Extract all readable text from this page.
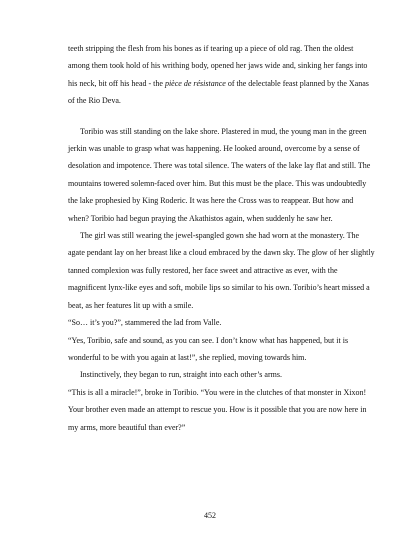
teeth stripping the flesh from his bones as if tearing up a piece of old rag. Then the oldest among them took hold of his writhing body, opened her jaws wide and, sinking her fangs into his neck, bit off his head - the pièce de résistance of the delectable feast planned by the Xanas of the Rio Deva.

Toribio was still standing on the lake shore. Plastered in mud, the young man in the green jerkin was unable to grasp what was happening. He looked around, overcome by a sense of desolation and impotence. There was total silence. The waters of the lake lay flat and still. The mountains towered solemn-faced over him. But this must be the place. This was undoubtedly the lake prophesied by King Roderic. It was here the Cross was to reappear. But how and when? Toribio had begun praying the Akathistos again, when suddenly he saw her.

The girl was still wearing the jewel-spangled gown she had worn at the monastery. The agate pendant lay on her breast like a cloud embraced by the dawn sky. The glow of her slightly tanned complexion was fully restored, her face sweet and attractive as ever, with the magnificent lynx-like eyes and soft, mobile lips so similar to his own. Toribio’s heart missed a beat, as her features lit up with a smile.

“So… it’s you?”, stammered the lad from Valle.

“Yes, Toribio, safe and sound, as you can see. I don’t know what has happened, but it is wonderful to be with you again at last!”, she replied, moving towards him.

Instinctively, they began to run, straight into each other’s arms.

“This is all a miracle!”, broke in Toribio. “You were in the clutches of that monster in Xixon! Your brother even made an attempt to rescue you. How is it possible that you are now here in my arms, more beautiful than ever?”

452
